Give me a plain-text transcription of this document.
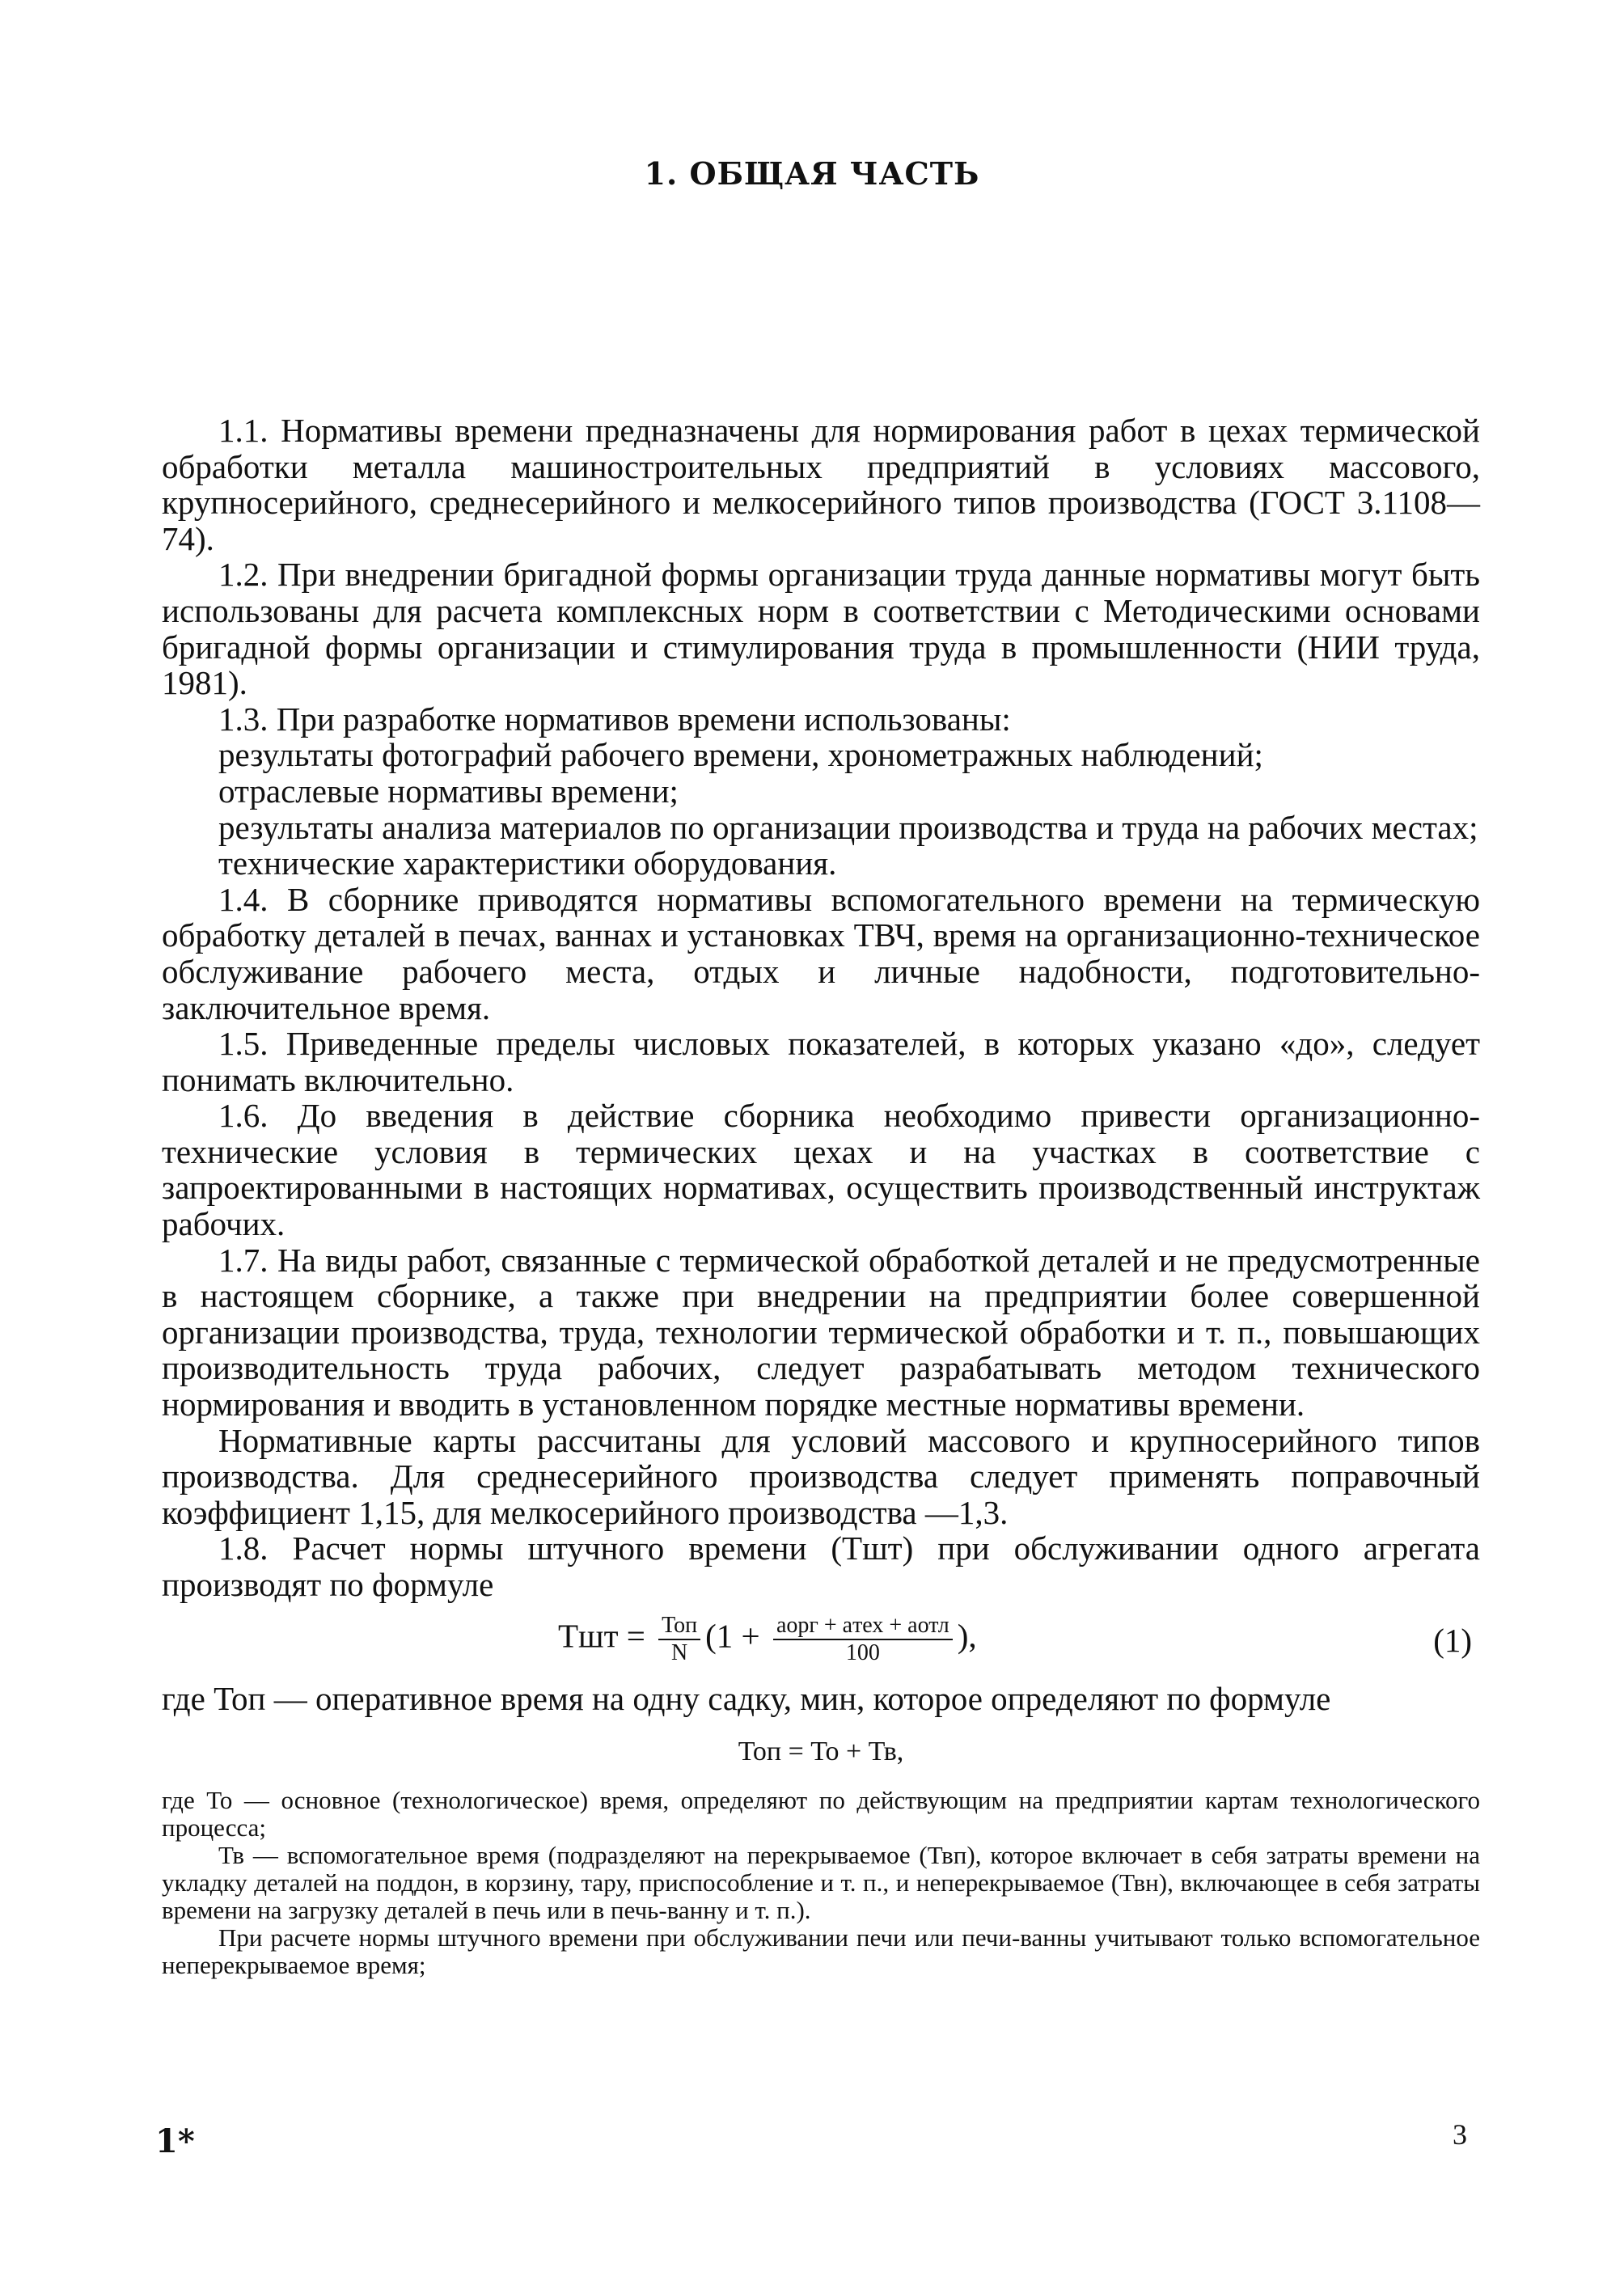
1. ОБЩАЯ ЧАСТЬ

1.1. Нормативы времени предназначены для нормирования работ в цехах термической обработки металла машиностроительных предприятий в условиях массового, крупносерийного, среднесерийного и мелкосерийного типов производства (ГОСТ 3.1108—74).

1.2. При внедрении бригадной формы организации труда данные нормативы могут быть использованы для расчета комплексных норм в соответствии с Методическими основами бригадной формы организации и стимулирования труда в промышленности (НИИ труда, 1981).

1.3. При разработке нормативов времени использованы:

результаты фотографий рабочего времени, хронометражных наблюдений;

отраслевые нормативы времени;

результаты анализа материалов по организации производства и труда на рабочих местах;

технические характеристики оборудования.

1.4. В сборнике приводятся нормативы вспомогательного времени на термическую обработку деталей в печах, ваннах и установках ТВЧ, время на организационно-техническое обслуживание рабочего места, отдых и личные надобности, подготовительно-заключительное время.

1.5. Приведенные пределы числовых показателей, в которых указано «до», следует понимать включительно.

1.6. До введения в действие сборника необходимо привести организационно-технические условия в термических цехах и на участках в соответствие с запроектированными в настоящих нормативах, осуществить производственный инструктаж рабочих.

1.7. На виды работ, связанные с термической обработкой деталей и не предусмотренные в настоящем сборнике, а также при внедрении на предприятии более совершенной организации производства, труда, технологии термической обработки и т. п., повышающих производительность труда рабочих, следует разрабатывать методом технического нормирования и вводить в установленном порядке местные нормативы времени.

Нормативные карты рассчитаны для условий массового и крупносерийного типов производства. Для среднесерийного производства следует применять поправочный коэффициент 1,15, для мелкосерийного производства —1,3.

1.8. Расчет нормы штучного времени (Тшт) при обслуживании одного агрегата производят по формуле

Тшт = $\frac{\text{Топ}}{N} (1 + \frac{\text{aорг + aтех + aотл}}{100}$ ),	(1)

где Топ — оперативное время на одну садку, мин, которое определяют по формуле

Топ = То + Тв,

где То — основное (технологическое) время, определяют по действующим на предприятии картам технологического процесса;

Тв — вспомогательное время (подразделяют на перекрываемое (Твп), которое включает в себя затраты времени на укладку деталей на поддон, в корзину, тару, приспособление и т. п., и неперекрываемое (Твн), включающее в себя затраты времени на загрузку деталей в печь или в печь-ванну и т. п.).

При расчете нормы штучного времени при обслуживании печи или печи-ванны учитывают только вспомогательное неперекрываемое время;

1*	3
